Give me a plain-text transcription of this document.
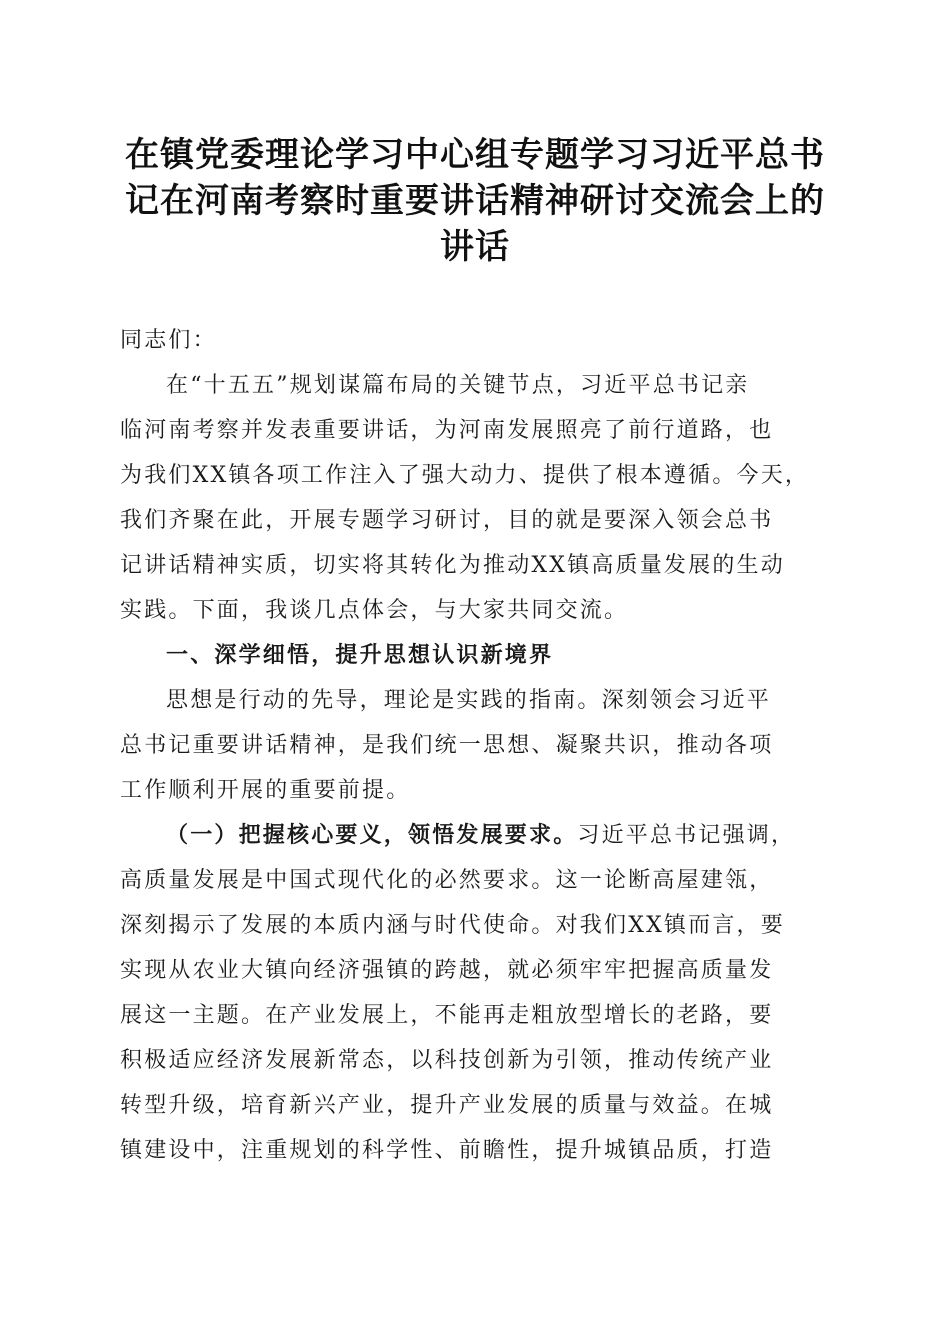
在镇党委理论学习中心组专题学习习近平总书
记在河南考察时重要讲话精神研讨交流会上的
讲话
同志们：
在“十五五”规划谋篇布局的关键节点，习近平总书记亲
临河南考察并发表重要讲话，为河南发展照亮了前行道路，也
为我们XX镇各项工作注入了强大动力、提供了根本遵循。今天，
我们齐聚在此，开展专题学习研讨，目的就是要深入领会总书
记讲话精神实质，切实将其转化为推动XX镇高质量发展的生动
实践。下面，我谈几点体会，与大家共同交流。
一、深学细悟，提升思想认识新境界
思想是行动的先导，理论是实践的指南。深刻领会习近平
总书记重要讲话精神，是我们统一思想、凝聚共识，推动各项
工作顺利开展的重要前提。
（一）把握核心要义，领悟发展要求。习近平总书记强调，
高质量发展是中国式现代化的必然要求。这一论断高屋建瓴，
深刻揭示了发展的本质内涵与时代使命。对我们XX镇而言，要
实现从农业大镇向经济强镇的跨越，就必须牢牢把握高质量发
展这一主题。在产业发展上，不能再走粗放型增长的老路，要
积极适应经济发展新常态，以科技创新为引领，推动传统产业
转型升级，培育新兴产业，提升产业发展的质量与效益。在城
镇建设中，注重规划的科学性、前瞻性，提升城镇品质，打造
